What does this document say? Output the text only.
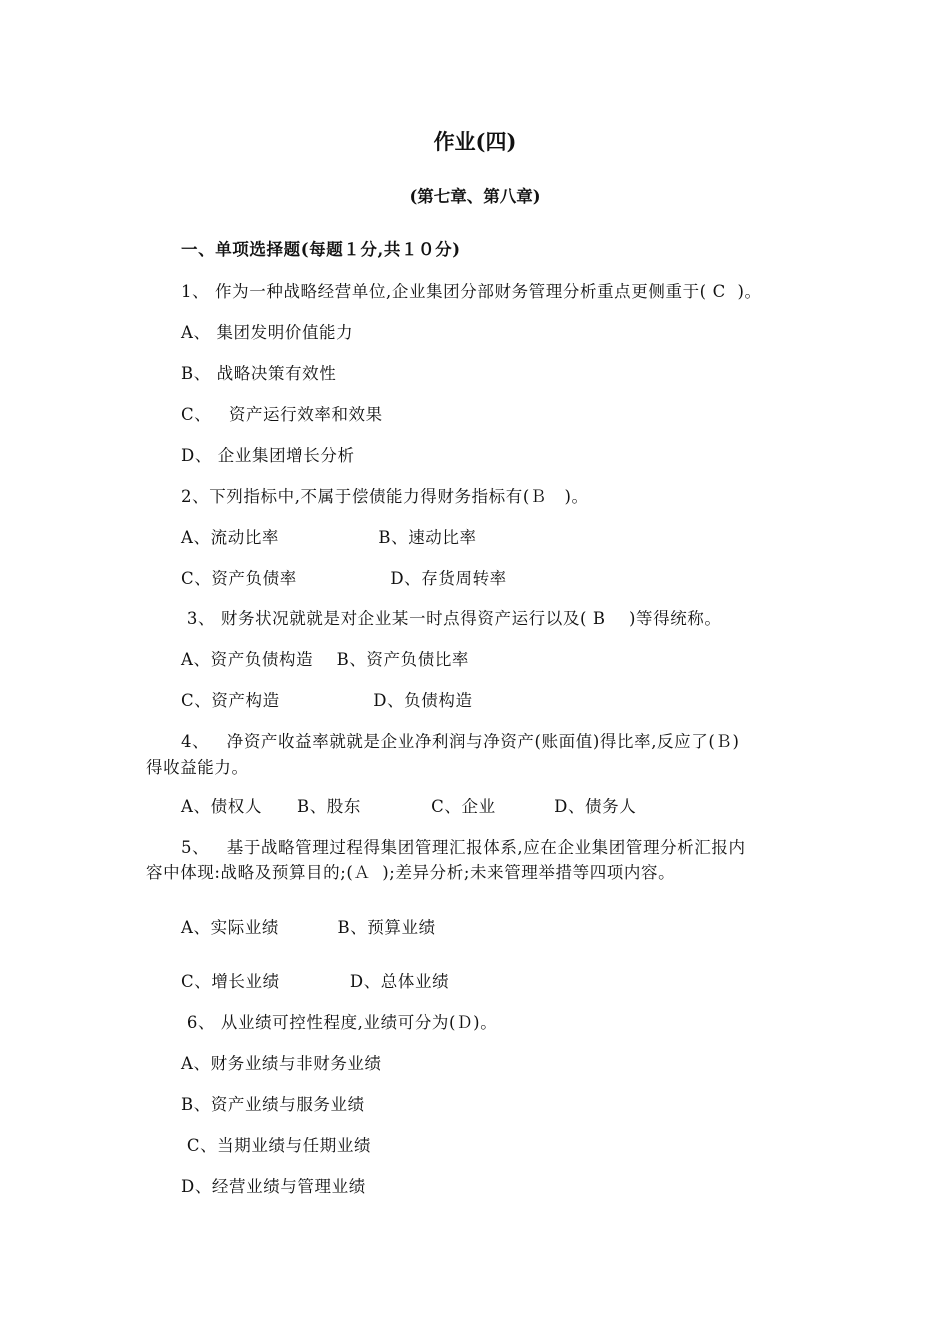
作业(四)
(第七章、第八章)
一、单项选择题(每题１分,共１０分)
1、 作为一种战略经营单位,企业集团分部财务管理分析重点更侧重于( C  )。
A、 集团发明价值能力
B、 战略决策有效性
C、   资产运行效率和效果
D、 企业集团增长分析
2、下列指标中,不属于偿债能力得财务指标有(Ｂ   )。
A、流动比率                 B、速动比率
C、资产负债率                D、存货周转率
3、 财务状况就就是对企业某一时点得资产运行以及( B    )等得统称。
A、资产负债构造    B、资产负债比率
C、资产构造                D、负债构造
4、   净资产收益率就就是企业净利润与净资产(账面值)得比率,反应了(Ｂ)
得收益能力。
A、债权人      B、股东            C、企业          D、债务人
5、   基于战略管理过程得集团管理汇报体系,应在企业集团管理分析汇报内
容中体现:战略及预算目的;(Ａ  );差异分析;未来管理举措等四项内容。
A、实际业绩          B、预算业绩
C、增长业绩            D、总体业绩
6、 从业绩可控性程度,业绩可分为(Ｄ)。
A、财务业绩与非财务业绩
B、资产业绩与服务业绩
C、当期业绩与任期业绩
D、经营业绩与管理业绩
